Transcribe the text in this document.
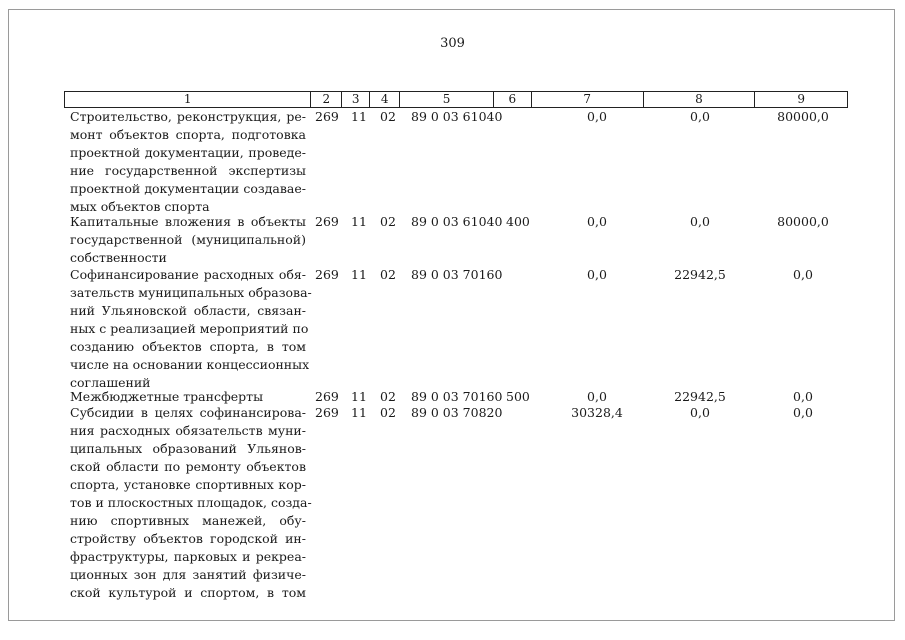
309
1	2	3	4	5	6	7	8	9
Строительство, реконструкция, ре-
монт объектов спорта, подготовка
проектной документации, проведе-
ние государственной экспертизы
проектной документации создавае-
мых объектов спорта
269 11 02 89 0 03 61040	0,0	0,0	80000,0
Капитальные вложения в объекты
государственной (муниципальной)
собственности
269 11 02 89 0 03 61040 400	0,0	0,0	80000,0
Софинансирование расходных обя-
зательств муниципальных образова-
ний Ульяновской области, связан-
ных с реализацией мероприятий по
созданию объектов спорта, в том
числе на основании концессионных
соглашений
269 11 02 89 0 03 70160	0,0	22942,5	0,0
Межбюджетные трансферты	269 11 02 89 0 03 70160 500	0,0	22942,5	0,0
Субсидии в целях софинансирова-
ния расходных обязательств муни-
ципальных образований Ульянов-
ской области по ремонту объектов
спорта, установке спортивных кор-
тов и плоскостных площадок, созда-
нию спортивных манежей, обу-
стройству объектов городской ин-
фраструктуры, парковых и рекреа-
ционных зон для занятий физиче-
ской культурой и спортом, в том
269 11 02 89 0 03 70820	30328,4	0,0	0,0
